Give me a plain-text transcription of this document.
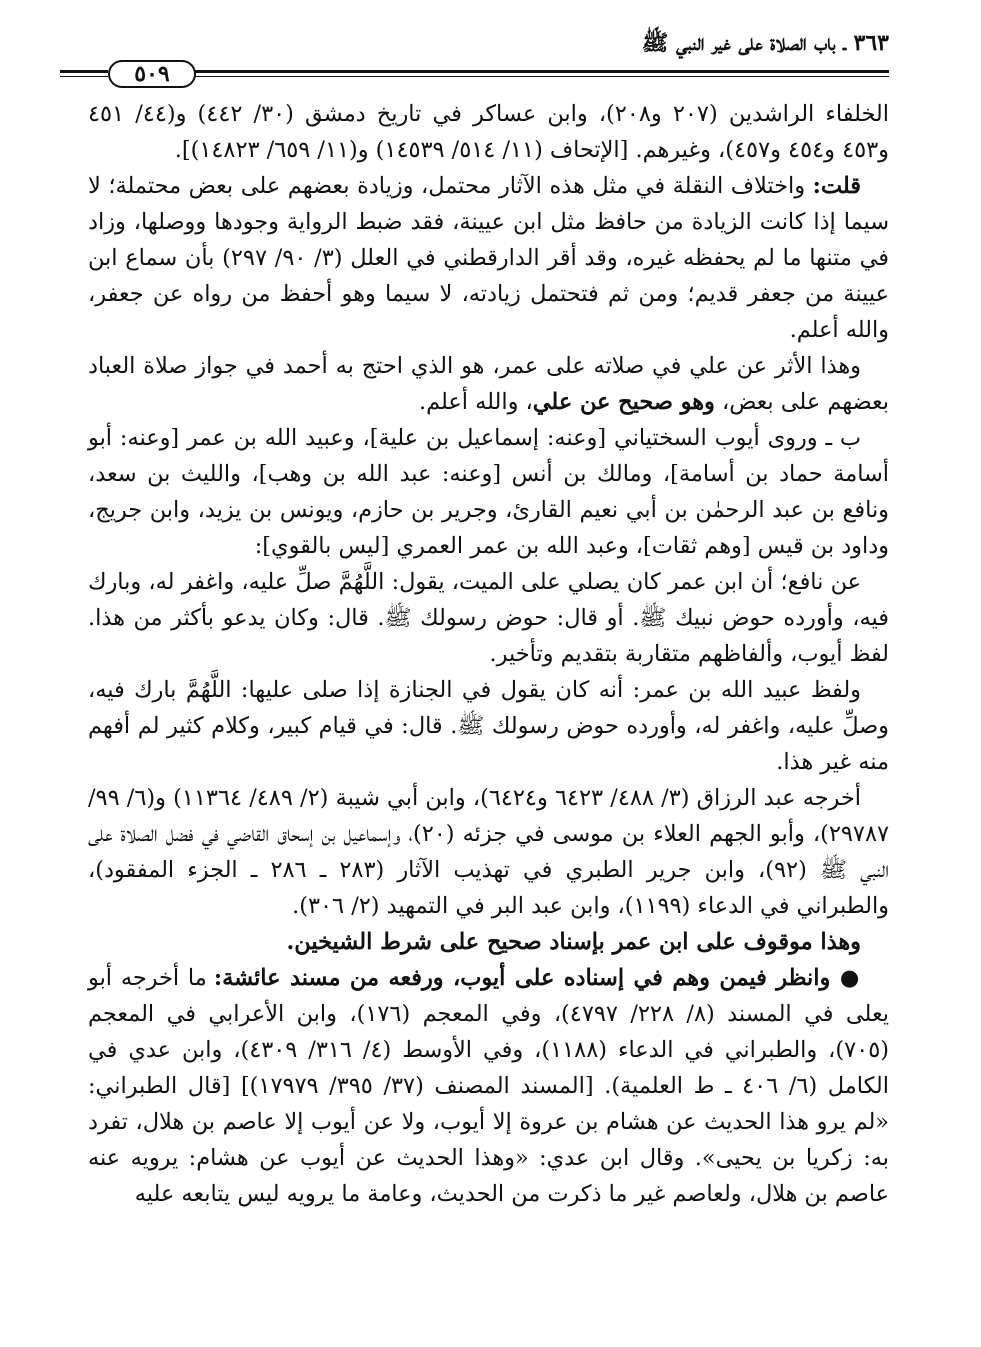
٣٦٣ ـ باب الصلاة على غير النبي ﷺ
٥٠٩

الخلفاء الراشدين (٢٠٧ و٢٠٨)، وابن عساكر في تاريخ دمشق (٣٠/ ٤٤٢) و(٤٤/ ٤٥١ و٤٥٣ و٤٥٤ و٤٥٧)، وغيرهم. [الإتحاف (١١/ ٥١٤/ ١٤٥٣٩) و(١١/ ٦٥٩/ ١٤٨٢٣)].

قلت: واختلاف النقلة في مثل هذه الآثار محتمل، وزيادة بعضهم على بعض محتملة؛ لا سيما إذا كانت الزيادة من حافظ مثل ابن عيينة، فقد ضبط الرواية وجودها ووصلها، وزاد في متنها ما لم يحفظه غيره، وقد أقر الدارقطني في العلل (٣/ ٩٠/ ٢٩٧) بأن سماع ابن عيينة من جعفر قديم؛ ومن ثم فتحتمل زيادته، لا سيما وهو أحفظ من رواه عن جعفر، والله أعلم.

وهذا الأثر عن علي في صلاته على عمر، هو الذي احتج به أحمد في جواز صلاة العباد بعضهم على بعض، وهو صحيح عن علي، والله أعلم.

ب ـ وروى أيوب السختياني [وعنه: إسماعيل بن علية]، وعبيد الله بن عمر [وعنه: أبو أسامة حماد بن أسامة]، ومالك بن أنس [وعنه: عبد الله بن وهب]، والليث بن سعد، ونافع بن عبد الرحمٰن بن أبي نعيم القارئ، وجرير بن حازم، ويونس بن يزيد، وابن جريج، وداود بن قيس [وهم ثقات]، وعبد الله بن عمر العمري [ليس بالقوي]:

عن نافع؛ أن ابن عمر كان يصلي على الميت، يقول: اللَّهُمَّ صلِّ عليه، واغفر له، وبارك فيه، وأورده حوض نبيك ﷺ. أو قال: حوض رسولك ﷺ. قال: وكان يدعو بأكثر من هذا. لفظ أيوب، وألفاظهم متقاربة بتقديم وتأخير.

ولفظ عبيد الله بن عمر: أنه كان يقول في الجنازة إذا صلى عليها: اللَّهُمَّ بارك فيه، وصلِّ عليه، واغفر له، وأورده حوض رسولك ﷺ. قال: في قيام كبير، وكلام كثير لم أفهم منه غير هذا.

أخرجه عبد الرزاق (٣/ ٤٨٨/ ٦٤٢٣ و٦٤٢٤)، وابن أبي شيبة (٢/ ٤٨٩/ ١١٣٦٤) و(٦/ ٩٩/ ٢٩٧٨٧)، وأبو الجهم العلاء بن موسى في جزئه (٢٠)، وإسماعيل بن إسحاق القاضي في فضل الصلاة على النبي ﷺ (٩٢)، وابن جرير الطبري في تهذيب الآثار (٢٨٣ ـ ٢٨٦ ـ الجزء المفقود)، والطبراني في الدعاء (١١٩٩)، وابن عبد البر في التمهيد (٢/ ٣٠٦).

وهذا موقوف على ابن عمر بإسناد صحيح على شرط الشيخين.

● وانظر فيمن وهم في إسناده على أيوب، ورفعه من مسند عائشة: ما أخرجه أبو يعلى في المسند (٨/ ٢٢٨/ ٤٧٩٧)، وفي المعجم (١٧٦)، وابن الأعرابي في المعجم (٧٠٥)، والطبراني في الدعاء (١١٨٨)، وفي الأوسط (٤/ ٣١٦/ ٤٣٠٩)، وابن عدي في الكامل (٦/ ٤٠٦ ـ ط العلمية). [المسند المصنف (٣٧/ ٣٩٥/ ١٧٩٧٩)] [قال الطبراني: «لم يرو هذا الحديث عن هشام بن عروة إلا أيوب، ولا عن أيوب إلا عاصم بن هلال، تفرد به: زكريا بن يحيى». وقال ابن عدي: «وهذا الحديث عن أيوب عن هشام: يرويه عنه عاصم بن هلال، ولعاصم غير ما ذكرت من الحديث، وعامة ما يرويه ليس يتابعه عليه
